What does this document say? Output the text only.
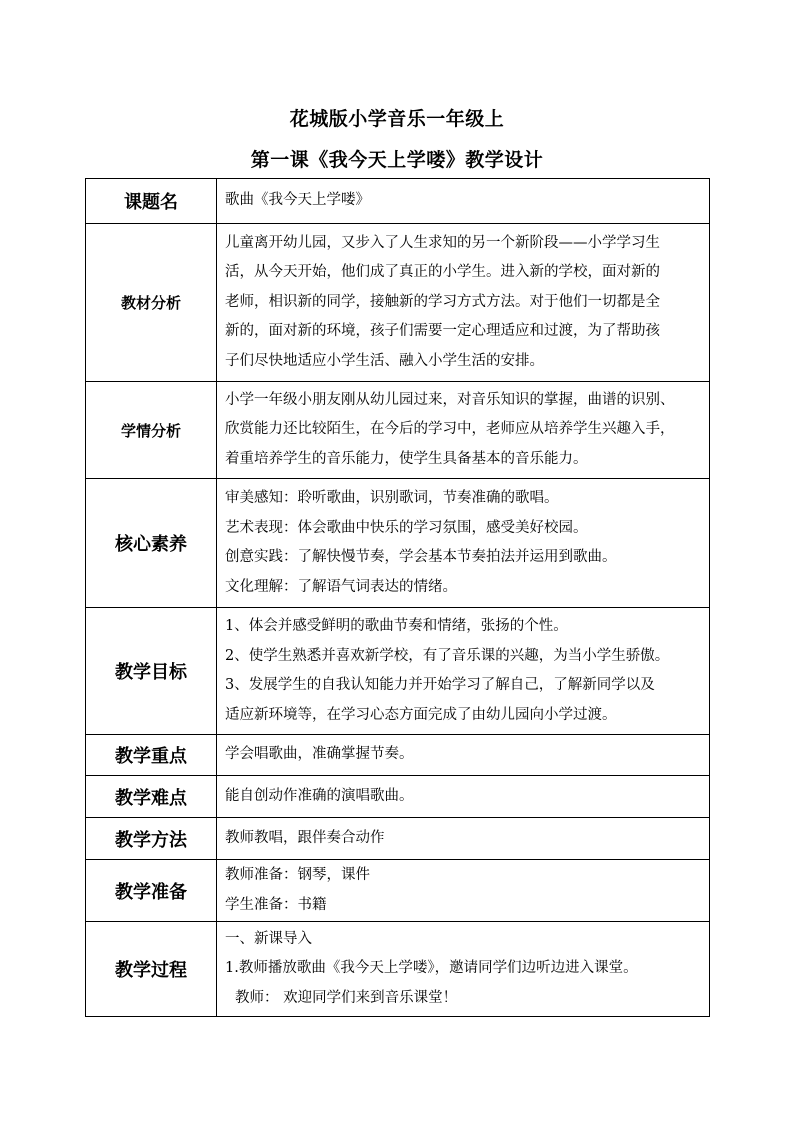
花城版小学音乐一年级上
第一课《我今天上学喽》教学设计
课题名	歌曲《我今天上学喽》
教材分析	儿童离开幼儿园，又步入了人生求知的另一个新阶段——小学学习生
活，从今天开始，他们成了真正的小学生。进入新的学校，面对新的
老师，相识新的同学，接触新的学习方式方法。对于他们一切都是全
新的，面对新的环境，孩子们需要一定心理适应和过渡，为了帮助孩
子们尽快地适应小学生活、融入小学生活的安排。

学情分析	小学一年级小朋友刚从幼儿园过来，对音乐知识的掌握，曲谱的识别、
欣赏能力还比较陌生，在今后的学习中，老师应从培养学生兴趣入手，
着重培养学生的音乐能力，使学生具备基本的音乐能力。

核心素养	审美感知：聆听歌曲，识别歌词，节奏准确的歌唱。
艺术表现：体会歌曲中快乐的学习氛围，感受美好校园。
创意实践：了解快慢节奏，学会基本节奏拍法并运用到歌曲。
文化理解：了解语气词表达的情绪。

教学目标	1、体会并感受鲜明的歌曲节奏和情绪，张扬的个性。
2、使学生熟悉并喜欢新学校，有了音乐课的兴趣，为当小学生骄傲。
3、发展学生的自我认知能力并开始学习了解自己，了解新同学以及
适应新环境等，在学习心态方面完成了由幼儿园向小学过渡。

教学重点	学会唱歌曲，准确掌握节奏。
教学难点	能自创动作准确的演唱歌曲。
教学方法	教师教唱，跟伴奏合动作
教学准备	教师准备：钢琴，课件
学生准备：书籍

教学过程	一、新课导入
1.教师播放歌曲《我今天上学喽》，邀请同学们边听边进入课堂。
教师： 欢迎同学们来到音乐课堂！
